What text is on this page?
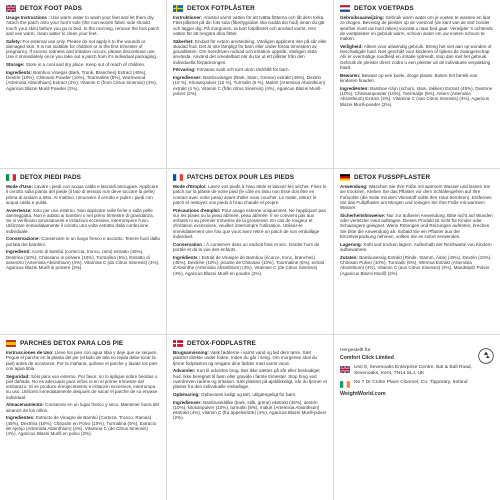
DETOX FOOT PADS
Usage Instructions : Use warm water to wash your feet and let them dry. Attach the patch onto your foot's sole (the non-woven fabric side should touch your skin) before you go to bed. In the morning, remove the foot patch and use warm, clean water to clean your feet.
Safety: For external use only. Please do not apply it to the wounds or damaged skin. It is not suitable for children or in the first trimester of pregnancy. If excess redness and irritation occurs, please discontinue use. Use it immediately once you take out a patch from it's individual packaging.
Storage: Store in a cool and dry place. Keep out of reach of children.
Ingredients: Bamboo Vinegar (Bark, Trunk, Branches) Extract (45%), Dextrin (10%), Chitosan Powder (10%), Tourmaline (5%), Wormwood (Artemisia Absinthium) Extract (4%), Vitamin C (from Citrus Sinensis) (4%), Agaricus Blazei Murill Powder (2%).
DETOX FOTPLÅSTER
Instruktioner: Använd varmt vatten för att tvätta fötterna och låt dem torka. Fäst plåstret på din fots sula (fibertygsidan ska nudda din hud) innan du går och lägger dig. På morgonen, ta bort fotplåstret och använd varmt, rent vatten för att rengöra dina fötter.
Säkerhet: Endast för extern användning. Vänligen applicera inte på sår eller skadad hud. Det är inte lämpligt för barn eller under första trimestern av graviditeten. Om överdriven rodnad och irritation uppstår, vänligen sluta använda. Använd det omedelbart när du tar ut ett plåster från den individuella förpackningen.
Förvaring: Förvaras svalt och torrt utom räckhåll för barn.
Ingredienser: Bambuvinäger (Bark, Stam, Grenar) extrakt (45%), Dextrin (10 %), Kitosanpulver (10 %), Turmalin (5 %), Malört (Artemisia Absinthium) extrakt (4 %), Vitamin C (från citrus Sinensis) (4%), Agaricus Blazei Murill-pulver (2%).
DETOX VOETPADS
Gebruiksaanwijzing: Gebruik warm water om je voeten te wassen en laat ze drogen. Bevestig de pleister op de voetzool (de kant van de stof zonder weefsel moet uw huid raken) voordat u naar bed gaat. Verwijder 's ochtends de voetpleister en gebruik warm, schoon water om uw voeten schoon te maken.
Veiligheid: Alleen voor uitwendig gebruik. Breng het niet aan op wonden of beschadigde huid. Niet geschikt voor kinderen of tijdens de zwangerschap. Als er overmatige roodheid en irritatie optreedt, stop dan met het gebruik. Gebruik de pleister direct zodra u een pleister uit de individuele verpakking haalt.
Bewaren: Bewaar op een koele, droge plaats. Buiten het bereik van kinderen houden.
Ingrediënten: Bamboe Azijn (schors, stam, takken) Extract (45%), Dextrine (10%), Chitosanpoeder (10%), Toermalijn (5%), Alsem (Artemisia Absinthium) Extract (4%), Vitamine C (van Citrus Sinensis) (4%), Agaricus Blazei Murill-poeder (2%).
DETOX PIEDI PADS
Mode d'Uso: Lavare i piedi con acqua calda e lasciarli asciugare. Applicare il cerotto sulla pianta del piede (il lato di tessuto non deve toccare la pelle) prima di andare a letto. Al mattino, rimuovere il cerotto e pulire i piedi con acqua calda e pulita.
Avvertenze: Solo per uso esterno. Non applicare sulle ferite o sulla pelle danneggiata. Non è adatto ai bambini o nel primo trimestre di gravidanza. Se si verificano arrossamenti e irritazioni eccessive, interrompere l'uso. Utilizzare immediatamente il cerotto una volta estratto dalla confezione individuale.
Conservazione: Conservare in un luogo fresco e asciutto. Tenere fuori dalla portata dei bambini.
Ingredienti: Aceto di bambù (corteccia, tronco, rami) estratto (45%), Destrina (10%), Chitosano in polvere (10%), Tormalina (5%), Estratto di assenzio (Artemisia Absinthium) (4%), Vitamina C (da Citrus Sinensis) (4%), Agaricus Blazei Murill in polvere (2%).
PATCHS DETOX POUR LES PIEDS
Mode d'Emploi: Lavez vos pieds à l'eau tiède et laissez-les sécher. Fixez le patch sur la plante de votre pied (le côté en tissu non tissé doit être en contact avec votre peau) avant d'aller vous coucher. Le matin, retirez le patch et nettoyez vos pieds à l'eau chaude et propre.
Précautions d'emploi: Pour usage externe uniquement. Ne l'appliquez pas sur les plaies ou la peau abîmée, peau abîmée. Il ne convient pas aux enfants ni au premier trimestre de la grossesse. En cas de rougeur et d'irritation excessives, veuillez interrompre l'utilisation. Utilisez-le immédiatement une fois que vous avez retiré un patch de son emballage individuel.
Conservation : À conserver dans un endroit frais et sec. Garder hors de portée et de la vue des enfants.
Ingrédients : Extrait de Vinaigre de Bambou (écorce, tronc, branches) (45%), Dextrine (10%), poudre de Chitosan (10%), Tourmaline (5%), extrait d'Absinthe (Artemisia Absinthium) (4%), Vitamine C (de Citrus Sinensis) (4%), Agaricus Blazei Murill en poudre (2%).
DETOX FUSSPFLASTER
Anwendung: Waschen Sie Ihre Füße mit warmem Wasser und lassen Sie sie trocknen. Kleben Sie das Pflaster vor dem Schlafengehen auf Ihre Fußsohle (die Seite mit dem Vliesstoff sollte Ihre Haut berühren). Entfernen Sie das Fußpflaster am Morgen und reinigen Sie Ihre Füße mit warmem Wasser.
Sicherheitshinweise: Nur zur äußeren Anwendung. Bitte nicht auf Wunden oder verletzter Haut auftragen. Dieses Produkt ist nicht für Kinder oder Schwangere geeignet. Wenn Rötungen und Reizungen auftreten, brechen Sie bitte die Anwendung ab. Sobald Sie ein Pflaster aus der Einzelverpackung nehmen, sollten Sie es sofort verwenden.
Lagerung: Kühl und trocken lagern. Außerhalb der Reichweite von Kindern aufbewahren.
Zutaten: Bambusessig Extrakt (Rinde, Stamm, Äste) (45%), Dextrin (10%), Chitosan Pulver (10%), Turmalin (5%), Wermut Extrakt (Artemisia Absinthium) (4%), Vitamin C (aus Citrus Sinensis) (4%), Mandelpilz Pulver (Agaricus Blazei Murill) (2%).
PARCHES DETOX PARA LOS PIE
Instrucciones de Uso: Lleve los pies con agua tibia y deje que se sequen. Pegue el parche en la planta del pie (el lado de tela no tejida debe tocar la piel) antes de acostarse. Por la mañana, quítese el parche y lávate los pies con agua tibia.
Seguridad: Sólo para uso externo. Por favor, no lo aplique sobre heridas o piel dañada. No es adecuado para niños ni en el primer trimestre del embarazo. Si se produce enrojecimiento e irritación excesivos, interrumpa su uso. Utilícelo inmediatamente después de sacar el parche de su envase individual.
Almacenamiento: Conservar en un lugar fresco y seco. Mantener fuera del alcance de los niños.
Ingredientes: Extracto de Vinagre de Bambú (Corteza, Tronco, Ramas) (45%), Dextrina (10%), Chitosán en Polvo (10%), Turmalina (5%), Extracto de Ajenjo (Artemisia Absinthium) (4%), Vitamina C (de Citrus Sinensis) (4%), Agaricus Blazei Murill en polvo (2%).
DETOX-FODPLASTRE
Brugsanvisning: Vask fødderne i varmt vand og lad dem tørre. Sæt plastret direkte under foden. Inden du går i seng. Om morgenen skal du fjerne fodplastret og rengøre dine fødder med varmt vand.
Advarsler: Kun til udvortes brug. Bør ikke sættes på sår eller beskadiget hud. Ikke beregnet til børn eller gravide i første trimester. Stop brug ved overdreven rødme og irritation. Sæt plastret på øjeblikkeligt, når du fjerner et plaster fra den individuelle emballage.
Opbevaring: Opbevares køligt og tørt, utilgængeligt for børn.
Ingredienser: Bambuseddike (bark, stilk, grene) ekstrakt (45%), dextrin (10%), kitosanpulver (10%), turmalin (5%), malurt (Artemisia Absinthium) ekstrakt (4%), vitamin C (fra appelsintræ) (4%), Agaricus Blazei Murill-pulver (2%).
Hergestellt für
Comfort Click Limited
Unit 8, Sevenoaks Enterprise Centre, Bat & Ball Road, Sevenoaks, Kent, TN14 5LJ, UK
No 7 Dr Croke Place Clonmel, Co. Tipperary, Ireland
WeightWorld.com
